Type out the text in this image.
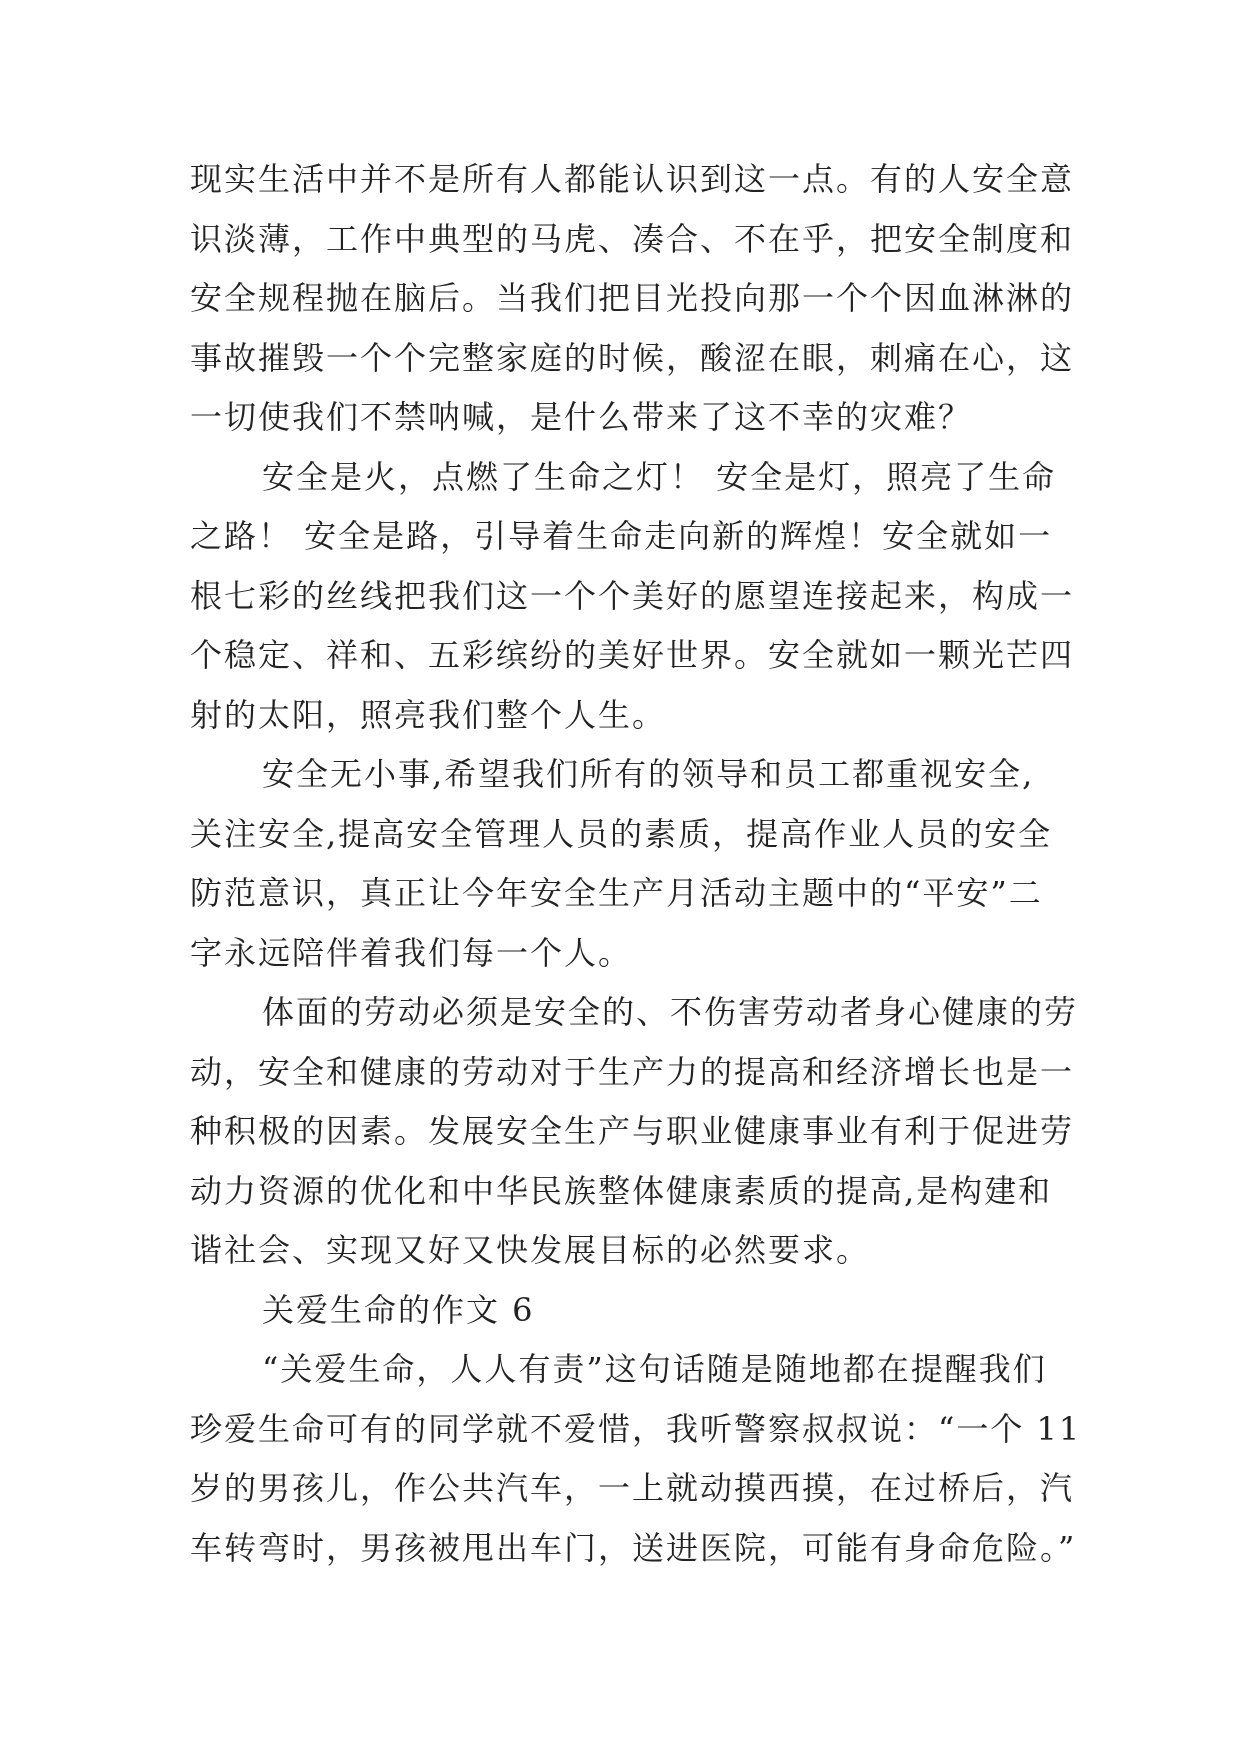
现实生活中并不是所有人都能认识到这一点。有的人安全意
识淡薄，工作中典型的马虎、凑合、不在乎，把安全制度和
安全规程抛在脑后。当我们把目光投向那一个个因血淋淋的
事故摧毁一个个完整家庭的时候，酸涩在眼，刺痛在心，这
一切使我们不禁呐喊，是什么带来了这不幸的灾难？
安全是火，点燃了生命之灯！ 安全是灯，照亮了生命
之路！ 安全是路，引导着生命走向新的辉煌！安全就如一
根七彩的丝线把我们这一个个美好的愿望连接起来，构成一
个稳定、祥和、五彩缤纷的美好世界。安全就如一颗光芒四
射的太阳，照亮我们整个人生。
安全无小事,希望我们所有的领导和员工都重视安全,
关注安全,提高安全管理人员的素质，提高作业人员的安全
防范意识，真正让今年安全生产月活动主题中的“平安”二
字永远陪伴着我们每一个人。
体面的劳动必须是安全的、不伤害劳动者身心健康的劳
动，安全和健康的劳动对于生产力的提高和经济增长也是一
种积极的因素。发展安全生产与职业健康事业有利于促进劳
动力资源的优化和中华民族整体健康素质的提高,是构建和
谐社会、实现又好又快发展目标的必然要求。
关爱生命的作文 6
“关爱生命，人人有责”这句话随是随地都在提醒我们
珍爱生命可有的同学就不爱惜，我听警察叔叔说：“一个 11
岁的男孩儿，作公共汽车，一上就动摸西摸，在过桥后，汽
车转弯时，男孩被甩出车门，送进医院，可能有身命危险。”
